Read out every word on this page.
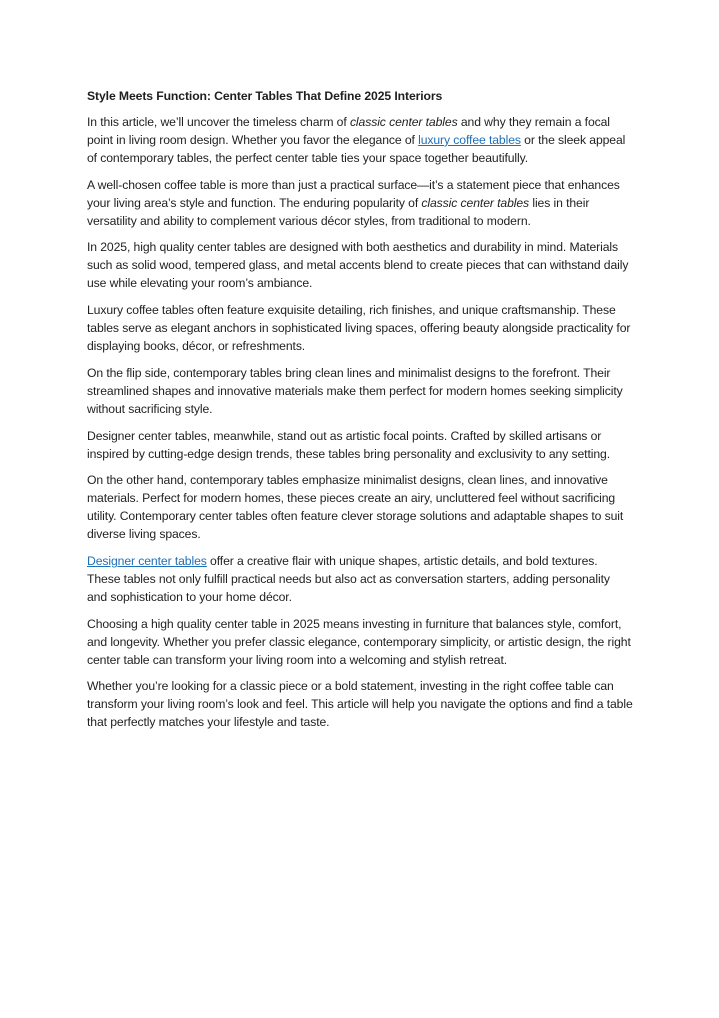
Style Meets Function: Center Tables That Define 2025 Interiors

In this article, we’ll uncover the timeless charm of classic center tables and why they remain a focal point in living room design. Whether you favor the elegance of luxury coffee tables or the sleek appeal of contemporary tables, the perfect center table ties your space together beautifully.

A well-chosen coffee table is more than just a practical surface—it’s a statement piece that enhances your living area’s style and function. The enduring popularity of classic center tables lies in their versatility and ability to complement various décor styles, from traditional to modern.

In 2025, high quality center tables are designed with both aesthetics and durability in mind. Materials such as solid wood, tempered glass, and metal accents blend to create pieces that can withstand daily use while elevating your room’s ambiance.

Luxury coffee tables often feature exquisite detailing, rich finishes, and unique craftsmanship. These tables serve as elegant anchors in sophisticated living spaces, offering beauty alongside practicality for displaying books, décor, or refreshments.

On the flip side, contemporary tables bring clean lines and minimalist designs to the forefront. Their streamlined shapes and innovative materials make them perfect for modern homes seeking simplicity without sacrificing style.

Designer center tables, meanwhile, stand out as artistic focal points. Crafted by skilled artisans or inspired by cutting-edge design trends, these tables bring personality and exclusivity to any setting.

On the other hand, contemporary tables emphasize minimalist designs, clean lines, and innovative materials. Perfect for modern homes, these pieces create an airy, uncluttered feel without sacrificing utility. Contemporary center tables often feature clever storage solutions and adaptable shapes to suit diverse living spaces.

Designer center tables offer a creative flair with unique shapes, artistic details, and bold textures. These tables not only fulfill practical needs but also act as conversation starters, adding personality and sophistication to your home décor.

Choosing a high quality center table in 2025 means investing in furniture that balances style, comfort, and longevity. Whether you prefer classic elegance, contemporary simplicity, or artistic design, the right center table can transform your living room into a welcoming and stylish retreat.

Whether you’re looking for a classic piece or a bold statement, investing in the right coffee table can transform your living room’s look and feel. This article will help you navigate the options and find a table that perfectly matches your lifestyle and taste.
